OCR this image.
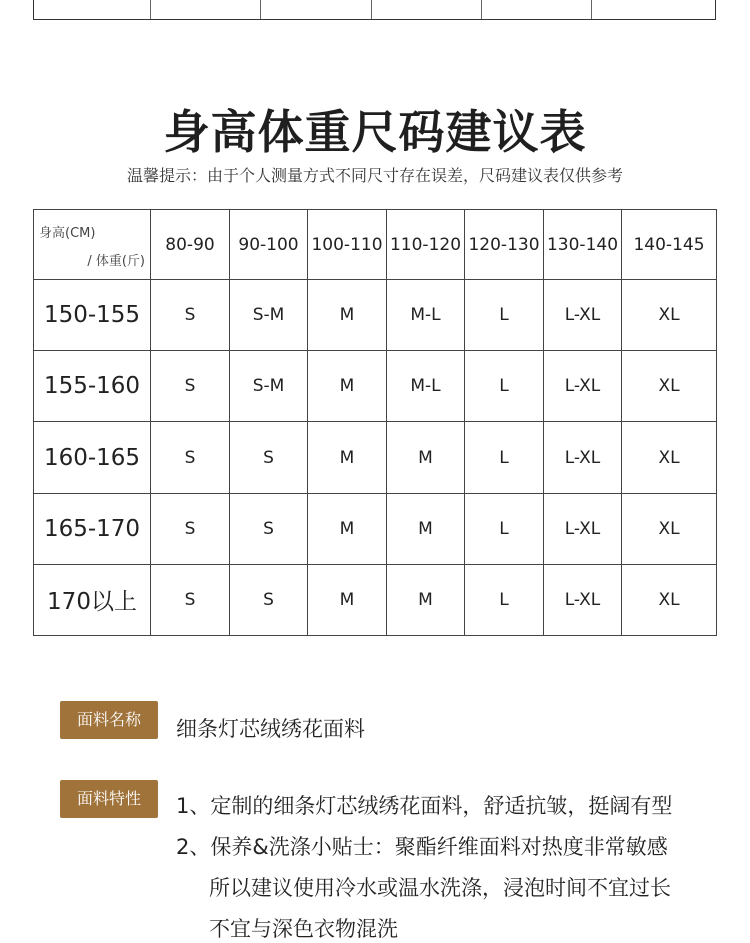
身高体重尺码建议表
温馨提示：由于个人测量方式不同尺寸存在误差，尺码建议表仅供参考
身高(CM)
/ 体重(斤)	80-90	90-100	100-110	110-120	120-130	130-140	140-145
150-155	S	S-M	M	M-L	L	L-XL	XL
155-160	S	S-M	M	M-L	L	L-XL	XL
160-165	S	S	M	M	L	L-XL	XL
165-170	S	S	M	M	L	L-XL	XL
170以上	S	S	M	M	L	L-XL	XL
面料名称	细条灯芯绒绣花面料
面料特性	1、定制的细条灯芯绒绣花面料，舒适抗皱，挺阔有型
2、保养&洗涤小贴士：聚酯纤维面料对热度非常敏感
所以建议使用冷水或温水洗涤，浸泡时间不宜过长
不宜与深色衣物混洗
